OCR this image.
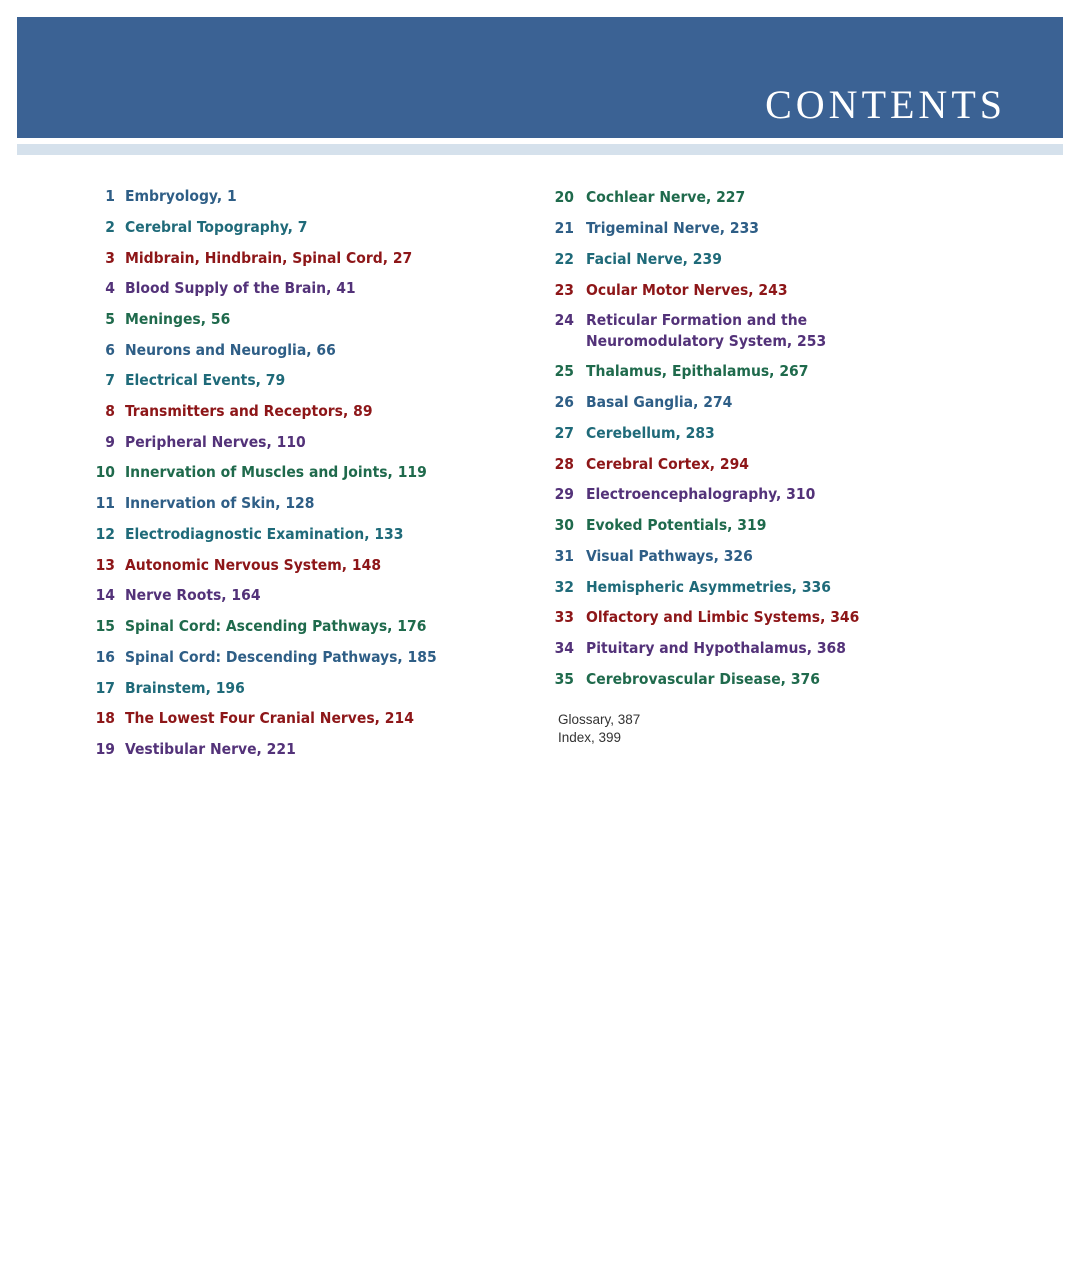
CONTENTS
1 Embryology, 1
2 Cerebral Topography, 7
3 Midbrain, Hindbrain, Spinal Cord, 27
4 Blood Supply of the Brain, 41
5 Meninges, 56
6 Neurons and Neuroglia, 66
7 Electrical Events, 79
8 Transmitters and Receptors, 89
9 Peripheral Nerves, 110
10 Innervation of Muscles and Joints, 119
11 Innervation of Skin, 128
12 Electrodiagnostic Examination, 133
13 Autonomic Nervous System, 148
14 Nerve Roots, 164
15 Spinal Cord: Ascending Pathways, 176
16 Spinal Cord: Descending Pathways, 185
17 Brainstem, 196
18 The Lowest Four Cranial Nerves, 214
19 Vestibular Nerve, 221
20 Cochlear Nerve, 227
21 Trigeminal Nerve, 233
22 Facial Nerve, 239
23 Ocular Motor Nerves, 243
24 Reticular Formation and the Neuromodulatory System, 253
25 Thalamus, Epithalamus, 267
26 Basal Ganglia, 274
27 Cerebellum, 283
28 Cerebral Cortex, 294
29 Electroencephalography, 310
30 Evoked Potentials, 319
31 Visual Pathways, 326
32 Hemispheric Asymmetries, 336
33 Olfactory and Limbic Systems, 346
34 Pituitary and Hypothalamus, 368
35 Cerebrovascular Disease, 376
Glossary, 387
Index, 399
